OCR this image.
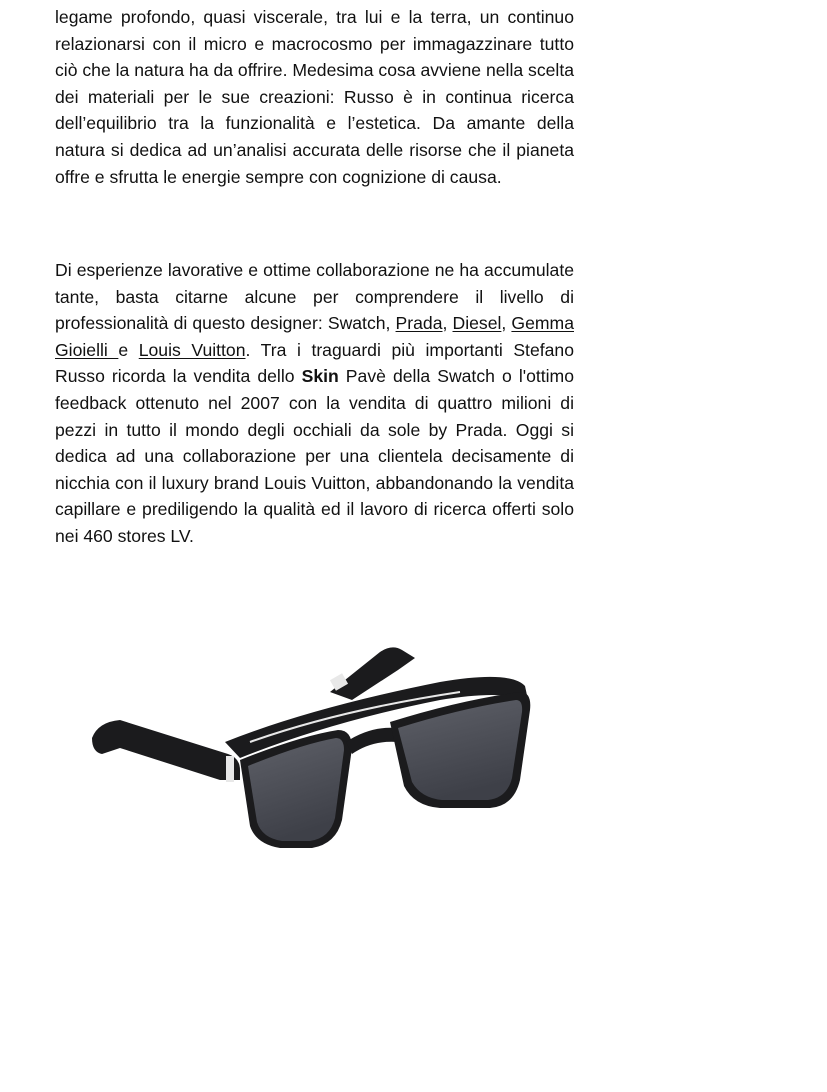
legame profondo, quasi viscerale, tra lui e la terra, un continuo relazionarsi con il micro e macrocosmo per immagazzinare tutto ciò che la natura ha da offrire. Medesima cosa avviene nella scelta dei materiali per le sue creazioni: Russo è in continua ricerca dell’equilibrio tra la funzionalità e l’estetica. Da amante della natura si dedica ad un’analisi accurata delle risorse che il pianeta offre e sfrutta le energie sempre con cognizione di causa.

Di esperienze lavorative e ottime collaborazione ne ha accumulate tante, basta citarne alcune per comprendere il livello di professionalità di questo designer: Swatch, Prada, Diesel, Gemma Gioielli e Louis Vuitton. Tra i traguardi più importanti Stefano Russo ricorda la vendita dello Skin Pavè della Swatch o l'ottimo feedback ottenuto nel 2007 con la vendita di quattro milioni di pezzi in tutto il mondo degli occhiali da sole by Prada. Oggi si dedica ad una collaborazione per una clientela decisamente di nicchia con il luxury brand Louis Vuitton, abbandonando la vendita capillare e prediligendo la qualità ed il lavoro di ricerca offerti solo nei 460 stores LV.
